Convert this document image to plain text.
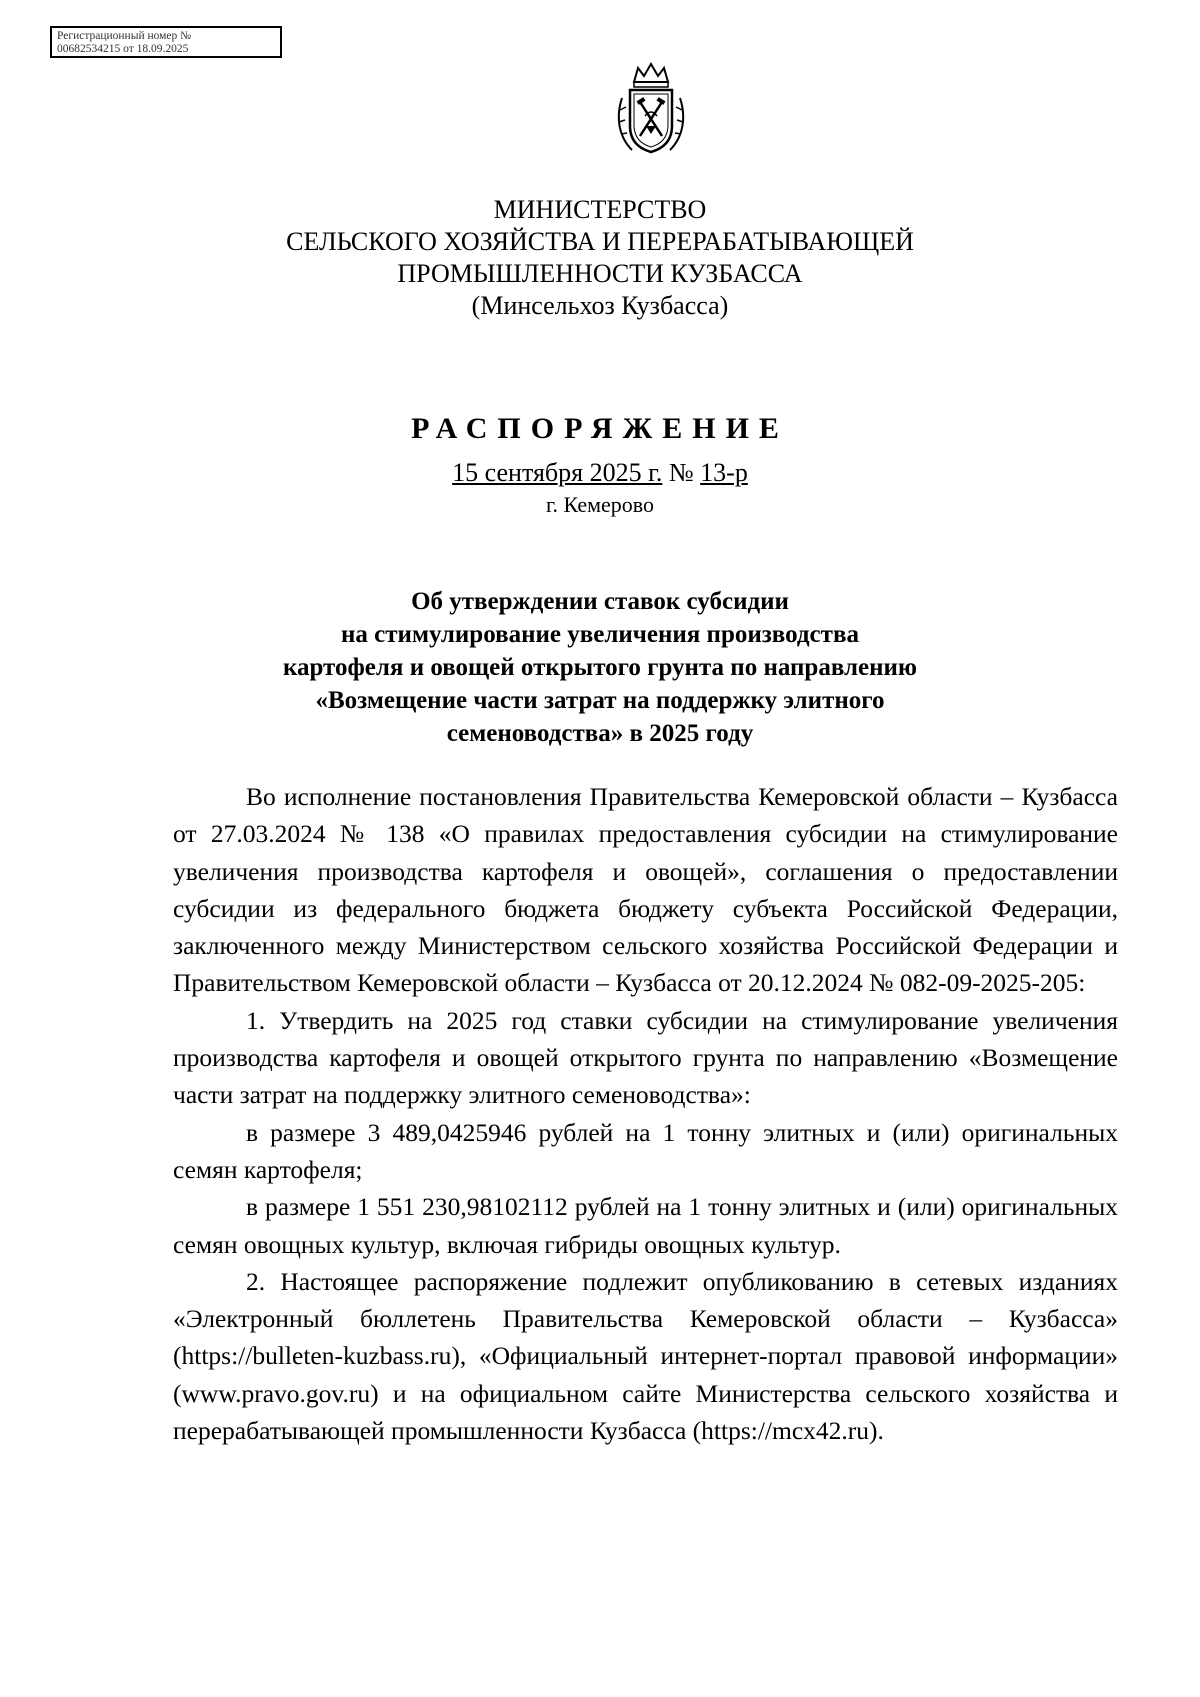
Регистрационный номер №
00682534215 от 18.09.2025
МИНИСТЕРСТВО
СЕЛЬСКОГО ХОЗЯЙСТВА И ПЕРЕРАБАТЫВАЮЩЕЙ
ПРОМЫШЛЕННОСТИ КУЗБАССА
(Минсельхоз Кузбасса)
РАСПОРЯЖЕНИЕ
15 сентября 2025 г. № 13-р
г. Кемерово
Об утверждении ставок субсидии
на стимулирование увеличения производства
картофеля и овощей открытого грунта по направлению
«Возмещение части затрат на поддержку элитного
семеноводства» в 2025 году

Во исполнение постановления Правительства Кемеровской области – Кузбасса от 27.03.2024 № 138 «О правилах предоставления субсидии на стимулирование увеличения производства картофеля и овощей», соглашения о предоставлении субсидии из федерального бюджета бюджету субъекта Российской Федерации, заключенного между Министерством сельского хозяйства Российской Федерации и Правительством Кемеровской области – Кузбасса от 20.12.2024 № 082-09-2025-205:

1. Утвердить на 2025 год ставки субсидии на стимулирование увеличения производства картофеля и овощей открытого грунта по направлению «Возмещение части затрат на поддержку элитного семеноводства»:

в размере 3 489,0425946 рублей на 1 тонну элитных и (или) оригинальных семян картофеля;

в размере 1 551 230,98102112 рублей на 1 тонну элитных и (или) оригинальных семян овощных культур, включая гибриды овощных культур.

2. Настоящее распоряжение подлежит опубликованию в сетевых изданиях «Электронный бюллетень Правительства Кемеровской области – Кузбасса» (https://bulleten-kuzbass.ru), «Официальный интернет-портал правовой информации» (www.pravo.gov.ru) и на официальном сайте Министерства сельского хозяйства и перерабатывающей промышленности Кузбасса (https://mcx42.ru).
